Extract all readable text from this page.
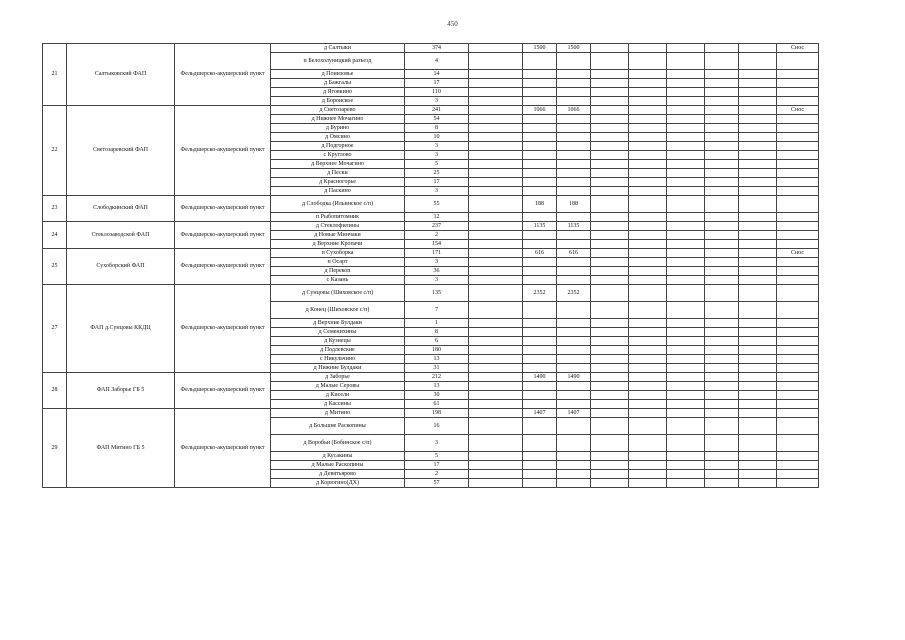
450
21	Салтыковский ФАП	Фельдшерско-акушерский пункт	д Салтыки	374		1500	1500						Снос
			п Белохолуницкий разъезд	4									
			д Понизовье	14									
			д Бажгалы	17									
			д Яговкино	110									
			д Бороиское	3									
22	Светозаревский ФАП	Фельдшерско-акушерский пункт	д Светозарево	241		1066	1066						Снос
			д Нижнее Мочагино	54									
			д Бурино	8									
			д Омсино	10									
			д Подгорное	3									
			с Круглово	3									
			д Верхнее Мочагино	5									
			д Пески	25									
			д Красногорье	17									
			д Паскино	3									
23	Слободкинский ФАП	Фельдшерско-акушерский пункт	д Слободка (Ильинское с/п)	55		188	188						
			п Рыбопитомник	12									
24	Стеклозаводской ФАП	Фельдшерско-акушерский пункт	д Стеклофилины	237		1135	1135						
			д Новые Минчаки	2									
			д Верхние Кропачи	154									
25	Сухоборский ФАП	Фельдшерско-акушерский пункт	п Сухоборка	171		616	616						Снос
			п Осарт	3									
			д Перекоп	36									
			с Казань	3									
27	ФАП д.Сунцовы ККДЦ	Фельдшерско-акушерский пункт	д Сунцовы (Шиховское с/п)	135		2352	2352						
			д Конец (Шиховское с/п)	7									
			д Верхние Булдаки	1									
			д Семенихины	8									
			д Кузнецы	6									
			д Подлевские	180									
			с Никульчино	13									
			д Нижние Булдаки	31									
28	ФАП Заборье ГБ 5	Фельдшерско-акушерский пункт	д Заборье	212		1490	1490						
			д Малые Серовы	13									
			д Кисели	30									
			д Кассины	61									
29	ФАП Митино ГБ 5	Фельдшерско-акушерский пункт	д Митино	198		1407	1407						
			д Большие Раскопины	16									
			д Воробьи (Бобинское с/п)	3									
			д Кусакины	5									
			д Малые Раскопины	17									
			д Девятьярово	2									
			д Корюгино(ДХ)	57									
